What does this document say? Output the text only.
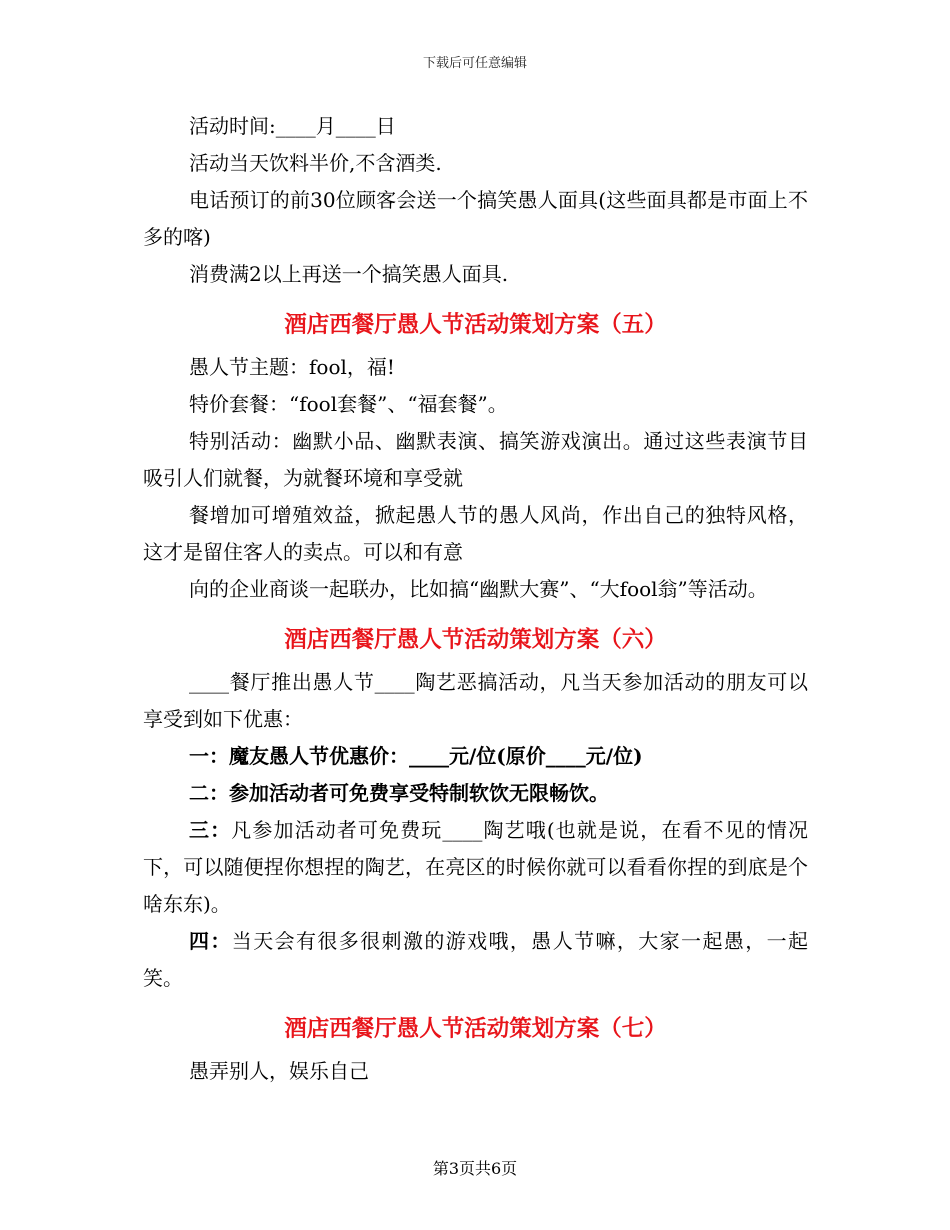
下载后可任意编辑

活动时间:____月____日

活动当天饮料半价,不含酒类.

电话预订的前30位顾客会送一个搞笑愚人面具(这些面具都是市面上不多的喀)

消费满2以上再送一个搞笑愚人面具.

酒店西餐厅愚人节活动策划方案（五）

愚人节主题：fool，福!

特价套餐：“fool套餐”、“福套餐”。

特别活动：幽默小品、幽默表演、搞笑游戏演出。通过这些表演节目吸引人们就餐，为就餐环境和享受就

餐增加可增殖效益，掀起愚人节的愚人风尚，作出自己的独特风格，这才是留住客人的卖点。可以和有意

向的企业商谈一起联办，比如搞“幽默大赛”、“大fool翁”等活动。

酒店西餐厅愚人节活动策划方案（六）

____餐厅推出愚人节____陶艺恶搞活动，凡当天参加活动的朋友可以享受到如下优惠：

一：魔友愚人节优惠价：____元/位(原价____元/位)

二：参加活动者可免费享受特制软饮无限畅饮。

三：凡参加活动者可免费玩____陶艺哦(也就是说，在看不见的情况下，可以随便捏你想捏的陶艺，在亮区的时候你就可以看看你捏的到底是个啥东东)。

四：当天会有很多很刺激的游戏哦，愚人节嘛，大家一起愚，一起笑。

酒店西餐厅愚人节活动策划方案（七）

愚弄别人，娱乐自己

第3页共6页
